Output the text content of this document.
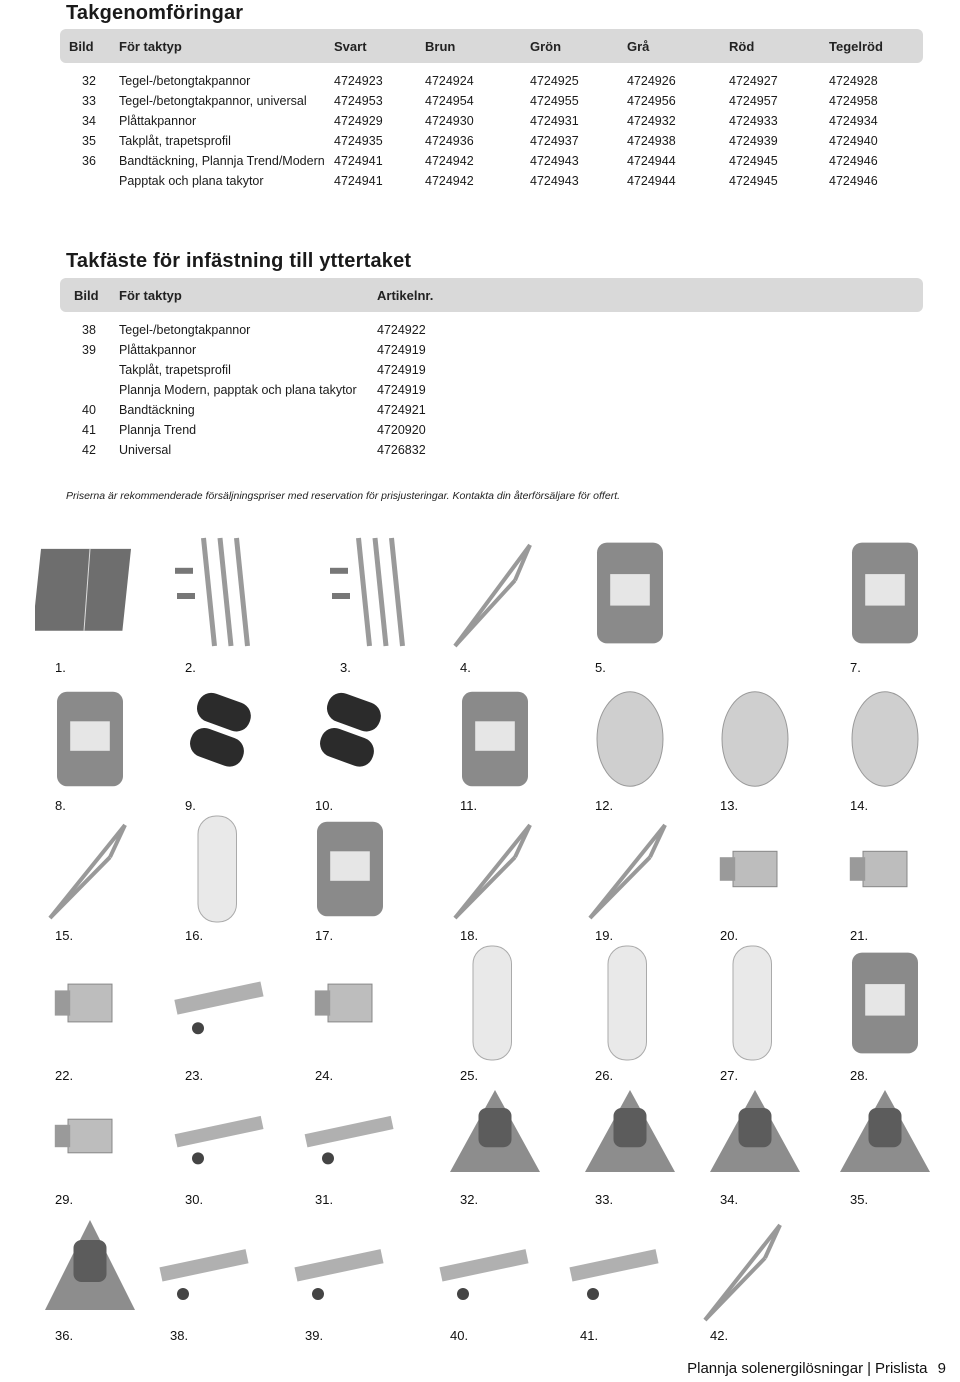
Takgenomföringar
Bild För taktyp	Svart	Brun	Grön	Grå	Röd	Tegelröd
32 Tegel-/betongtakpannor	4724923	4724924	4724925	4724926	4724927	4724928
33 Tegel-/betongtakpannor, universal 4724953	4724954	4724955	4724956	4724957	4724958
34 Plåttakpannor	4724929	4724930	4724931	4724932	4724933	4724934
35 Takplåt, trapetsprofil	4724935	4724936	4724937	4724938	4724939	4724940
36 Bandtäckning, Plannja Trend/Modern 4724941	4724942	4724943	4724944	4724945	4724946
Papptak och plana takytor	4724941	4724942	4724943	4724944	4724945	4724946
Takfäste för infästning till yttertaket
Bild För taktyp	Artikelnr.
38 Tegel-/betongtakpannor	4724922
39 Plåttakpannor	4724919
Takplåt, trapetsprofil	4724919
Plannja Modern, papptak och plana takytor 4724919
40 Bandtäckning	4724921
41 Plannja Trend	4720920
42 Universal	4726832
Priserna är rekommenderade försäljningspriser med reservation för prisjusteringar. Kontakta din återförsäljare för offert.
1.	2.	3.	4.	5.	7.
8.	9.	10.	11.	12.	13.	14.
15.	16.	17.	18.	19.	20.	21.
22.	23.	24.	25.	26.	27.	28.
29.	30.	31.	32.	33.	34.	35.
36.	38.	39.	40.	41.	42.
Plannja solenergilösningar | Prislista 9
